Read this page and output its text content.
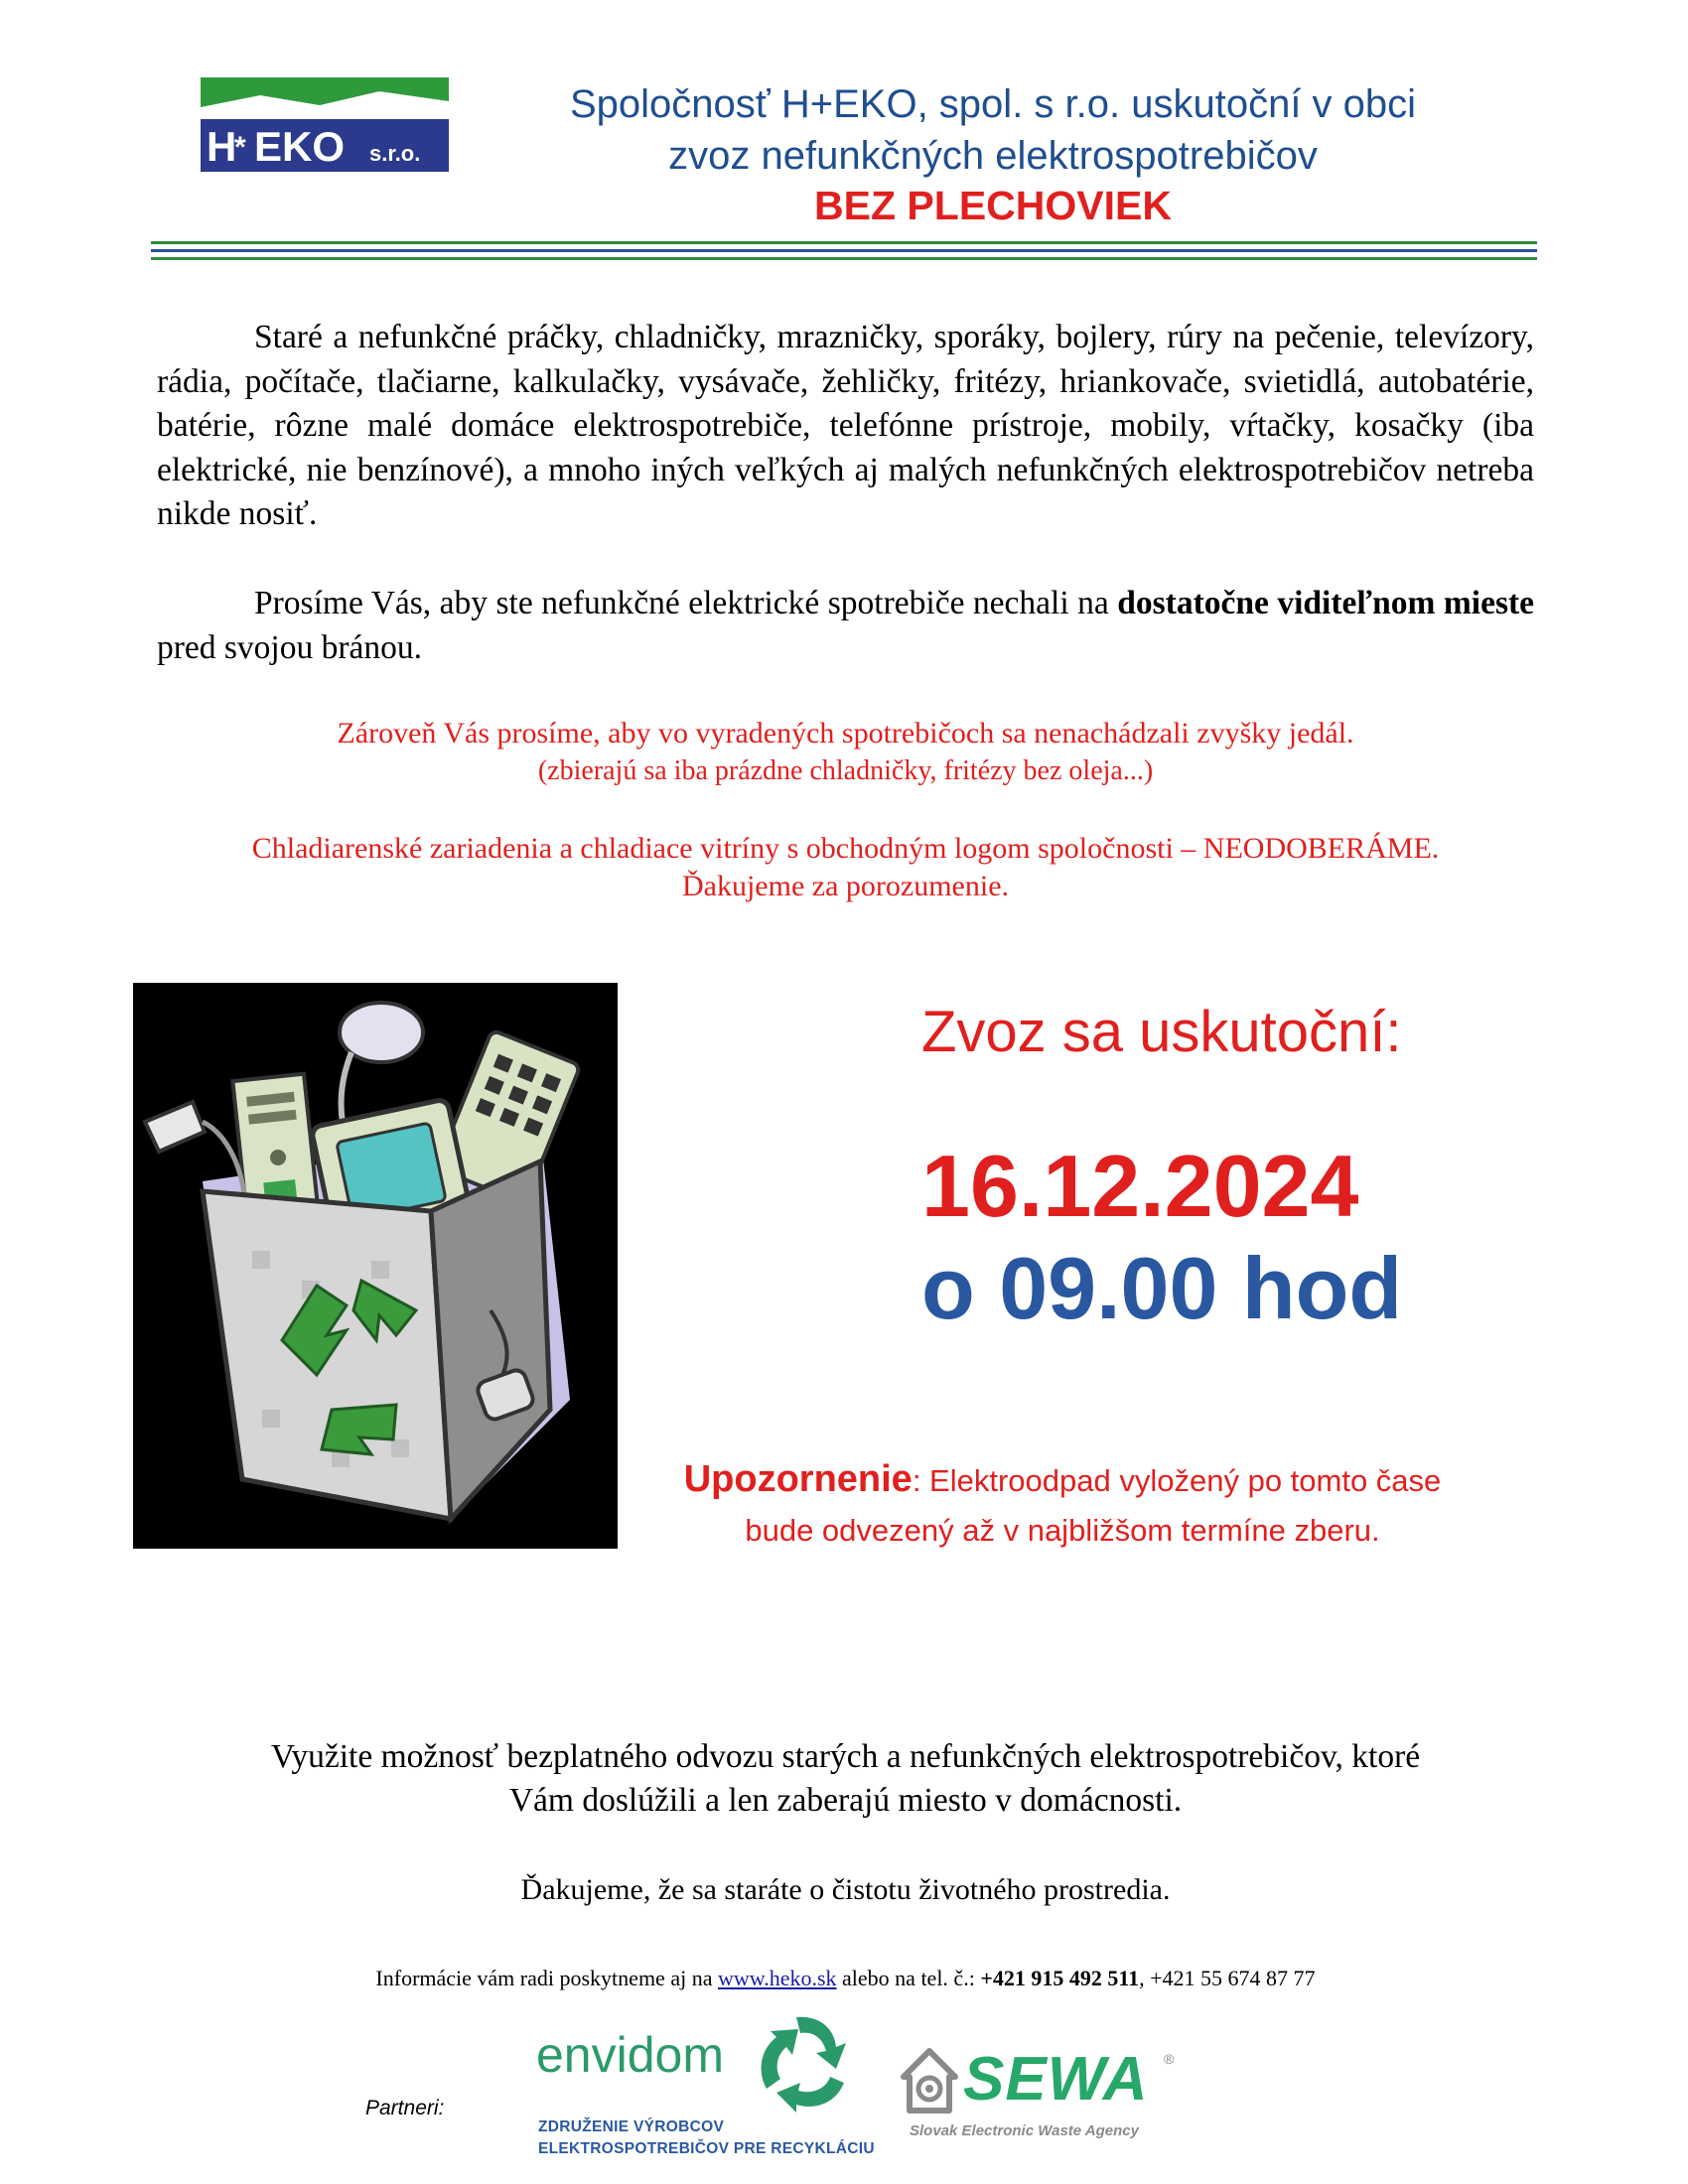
H
* EKO s.r.o.
Spoločnosť H+EKO, spol. s r.o. uskutoční v obci
zvoz nefunkčných elektrospotrebičov
BEZ PLECHOVIEK
Staré a nefunkčné práčky, chladničky, mrazničky, sporáky, bojlery, rúry na pečenie, televízory, rádia, počítače, tlačiarne, kalkulačky, vysávače, žehličky, fritézy, hriankovače, svietidlá, autobatérie, batérie, rôzne malé domáce elektrospotrebiče, telefónne prístroje, mobily, vŕtačky, kosačky (iba elektrické, nie benzínové), a mnoho iných veľkých aj malých nefunkčných elektrospotrebičov netreba nikde nosiť.
Prosíme Vás, aby ste nefunkčné elektrické spotrebiče nechali na dostatočne viditeľnom mieste pred svojou bránou.
Zároveň Vás prosíme, aby vo vyradených spotrebičoch sa nenachádzali zvyšky jedál.
(zbierajú sa iba prázdne chladničky, fritézy bez oleja...)
Chladiarenské zariadenia a chladiace vitríny s obchodným logom spoločnosti – NEODOBERÁME.
Ďakujeme za porozumenie.
Zvoz sa uskutoční:
16.12.2024
o 09.00 hod
Upozornenie: Elektroodpad vyložený po tomto čase
bude odvezený až v najbližšom termíne zberu.
Využite možnosť bezplatného odvozu starých a nefunkčných elektrospotrebičov, ktoré
Vám doslúžili a len zaberajú miesto v domácnosti.
Ďakujeme, že sa staráte o čistotu životného prostredia.
Informácie vám radi poskytneme aj na www.heko.sk alebo na tel. č.: +421 915 492 511, +421 55 674 87 77
Partneri:
envidom
ZDRUŽENIE VÝROBCOV
ELEKTROSPOTREBIČOV PRE RECYKLÁCIU
SEWA ®
Slovak Electronic Waste Agency
